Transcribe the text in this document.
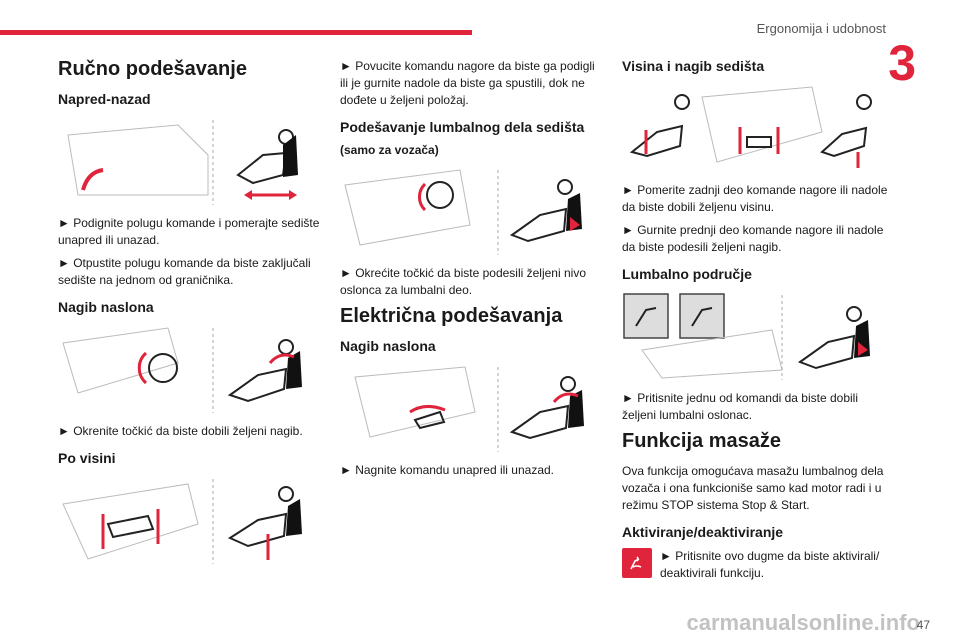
Ergonomija i udobnost
3
Ručno podešavanje
Napred-nazad

► Podignite polugu komande i pomerajte sedište unapred ili unazad.

► Otpustite polugu komande da biste zaključali sedište na jednom od graničnika.

Nagib naslona

► Okrenite točkić da biste dobili željeni nagib.

Po visini

► Povucite komandu nagore da biste ga podigli ili je gurnite nadole da biste ga spustili, dok ne dođete u željeni položaj.

Podešavanje lumbalnog dela sedišta
(samo za vozača)

► Okrećite točkić da biste podesili željeni nivo oslonca za lumbalni deo.

Električna podešavanja
Nagib naslona

► Nagnite komandu unapred ili unazad.

Visina i nagib sedišta

► Pomerite zadnji deo komande nagore ili nadole da biste dobili željenu visinu.

► Gurnite prednji deo komande nagore ili nadole da biste podesili željeni nagib.

Lumbalno područje

► Pritisnite jednu od komandi da biste dobili željeni lumbalni oslonac.

Funkcija masaže

Ova funkcija omogućava masažu lumbalnog dela vozača i ona funkcioniše samo kad motor radi i u režimu STOP sistema Stop & Start.

Aktiviranje/deaktiviranje

► Pritisnite ovo dugme da biste aktivirali/ deaktivirali funkciju.

carmanualsonline.info
47
